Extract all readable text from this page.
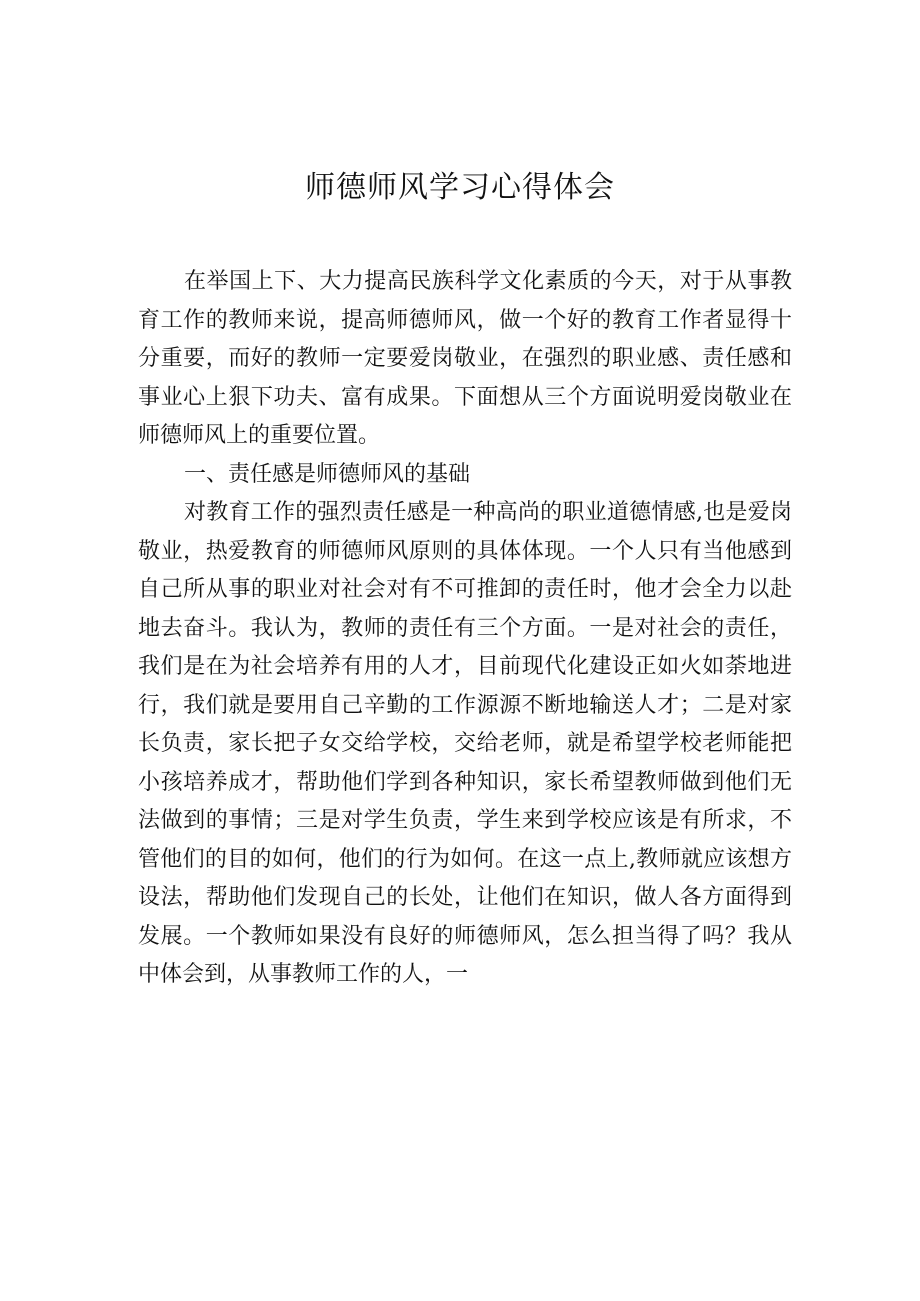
师德师风学习心得体会

在举国上下、大力提高民族科学文化素质的今天，对于从事教育工作的教师来说，提高师德师风，做一个好的教育工作者显得十分重要，而好的教师一定要爱岗敬业，在强烈的职业感、责任感和事业心上狠下功夫、富有成果。下面想从三个方面说明爱岗敬业在师德师风上的重要位置。

一、责任感是师德师风的基础

对教育工作的强烈责任感是一种高尚的职业道德情感,也是爱岗敬业，热爱教育的师德师风原则的具体体现。一个人只有当他感到自己所从事的职业对社会对有不可推卸的责任时，他才会全力以赴地去奋斗。我认为，教师的责任有三个方面。一是对社会的责任，我们是在为社会培养有用的人才，目前现代化建设正如火如荼地进行，我们就是要用自己辛勤的工作源源不断地输送人才；二是对家长负责，家长把子女交给学校，交给老师，就是希望学校老师能把小孩培养成才，帮助他们学到各种知识，家长希望教师做到他们无法做到的事情；三是对学生负责，学生来到学校应该是有所求，不管他们的目的如何，他们的行为如何。在这一点上,教师就应该想方设法，帮助他们发现自己的长处，让他们在知识，做人各方面得到发展。一个教师如果没有良好的师德师风，怎么担当得了吗？我从中体会到，从事教师工作的人，一
